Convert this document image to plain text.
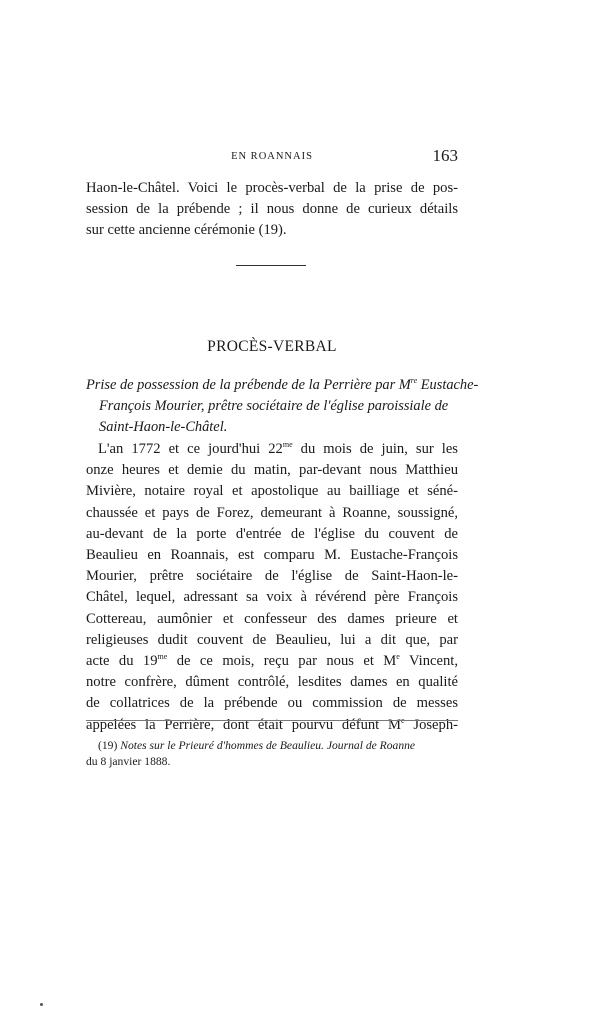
EN ROANNAIS	163
Haon-le-Châtel. Voici le procès-verbal de la prise de pos-
session de la prébende ; il nous donne de curieux détails
sur cette ancienne cérémonie (19).
PROCÈS-VERBAL
Prise de possession de la prébende de la Perrière par Mre Eustache-
François Mourier, prêtre sociétaire de l'église paroissiale de
Saint-Haon-le-Châtel.
L'an 1772 et ce jourd'hui $22^{me}$ du mois de juin, sur les
onze heures et demie du matin, par-devant nous Matthieu
Mivière, notaire royal et apostolique au bailliage et séné-
chaussée et pays de Forez, demeurant à Roanne, soussigné,
au-devant de la porte d'entrée de l'église du couvent de
Beaulieu en Roannais, est comparu M. Eustache-François
Mourier, prêtre sociétaire de l'église de Saint-Haon-le-
Châtel, lequel, adressant sa voix à révérend père François
Cottereau, aumônier et confesseur des dames prieure et
religieuses dudit couvent de Beaulieu, lui a dit que, par
acte du $19^{me}$ de ce mois, reçu par nous et Me Vincent,
notre confrère, dûment contrôlé, lesdites dames en qualité
de collatrices de la prébende ou commission de messes
appelées la Perrière, dont était pourvu défunt Me Joseph-
(19) Notes sur le Prieuré d'hommes de Beaulieu. Journal de Roanne
du 8 janvier 1888.
